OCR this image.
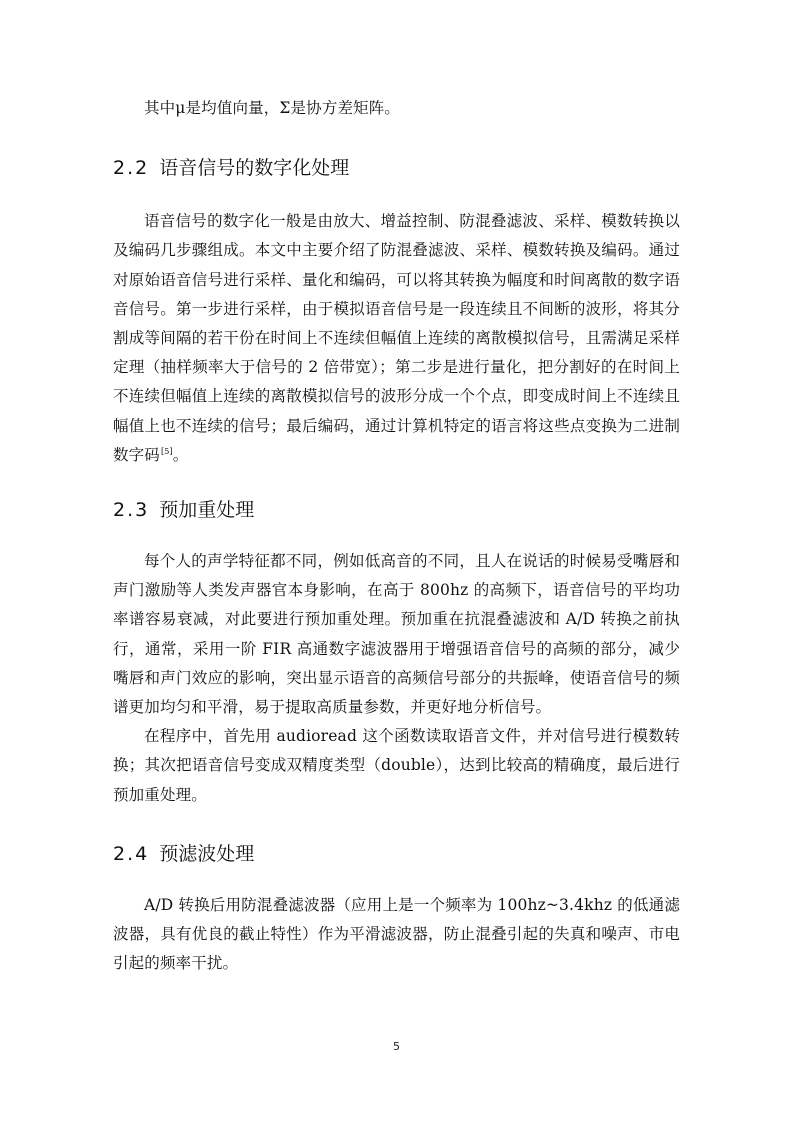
其中μ是均值向量，Σ是协方差矩阵。

2.2 语音信号的数字化处理

语音信号的数字化一般是由放大、增益控制、防混叠滤波、采样、模数转换以及编码几步骤组成。本文中主要介绍了防混叠滤波、采样、模数转换及编码。通过对原始语音信号进行采样、量化和编码，可以将其转换为幅度和时间离散的数字语音信号。第一步进行采样，由于模拟语音信号是一段连续且不间断的波形，将其分割成等间隔的若干份在时间上不连续但幅值上连续的离散模拟信号，且需满足采样定理（抽样频率大于信号的 2 倍带宽）；第二步是进行量化，把分割好的在时间上不连续但幅值上连续的离散模拟信号的波形分成一个个点，即变成时间上不连续且幅值上也不连续的信号；最后编码，通过计算机特定的语言将这些点变换为二进制数字码[5]。

2.3 预加重处理

每个人的声学特征都不同，例如低高音的不同，且人在说话的时候易受嘴唇和声门激励等人类发声器官本身影响，在高于 800hz 的高频下，语音信号的平均功率谱容易衰减，对此要进行预加重处理。预加重在抗混叠滤波和 A/D 转换之前执行，通常，采用一阶 FIR 高通数字滤波器用于增强语音信号的高频的部分，减少嘴唇和声门效应的影响，突出显示语音的高频信号部分的共振峰，使语音信号的频谱更加均匀和平滑，易于提取高质量参数，并更好地分析信号。

在程序中，首先用 audioread 这个函数读取语音文件，并对信号进行模数转换；其次把语音信号变成双精度类型（double），达到比较高的精确度，最后进行预加重处理。

2.4 预滤波处理

A/D 转换后用防混叠滤波器（应用上是一个频率为 100hz~3.4khz 的低通滤波器，具有优良的截止特性）作为平滑滤波器，防止混叠引起的失真和噪声、市电引起的频率干扰。

5
